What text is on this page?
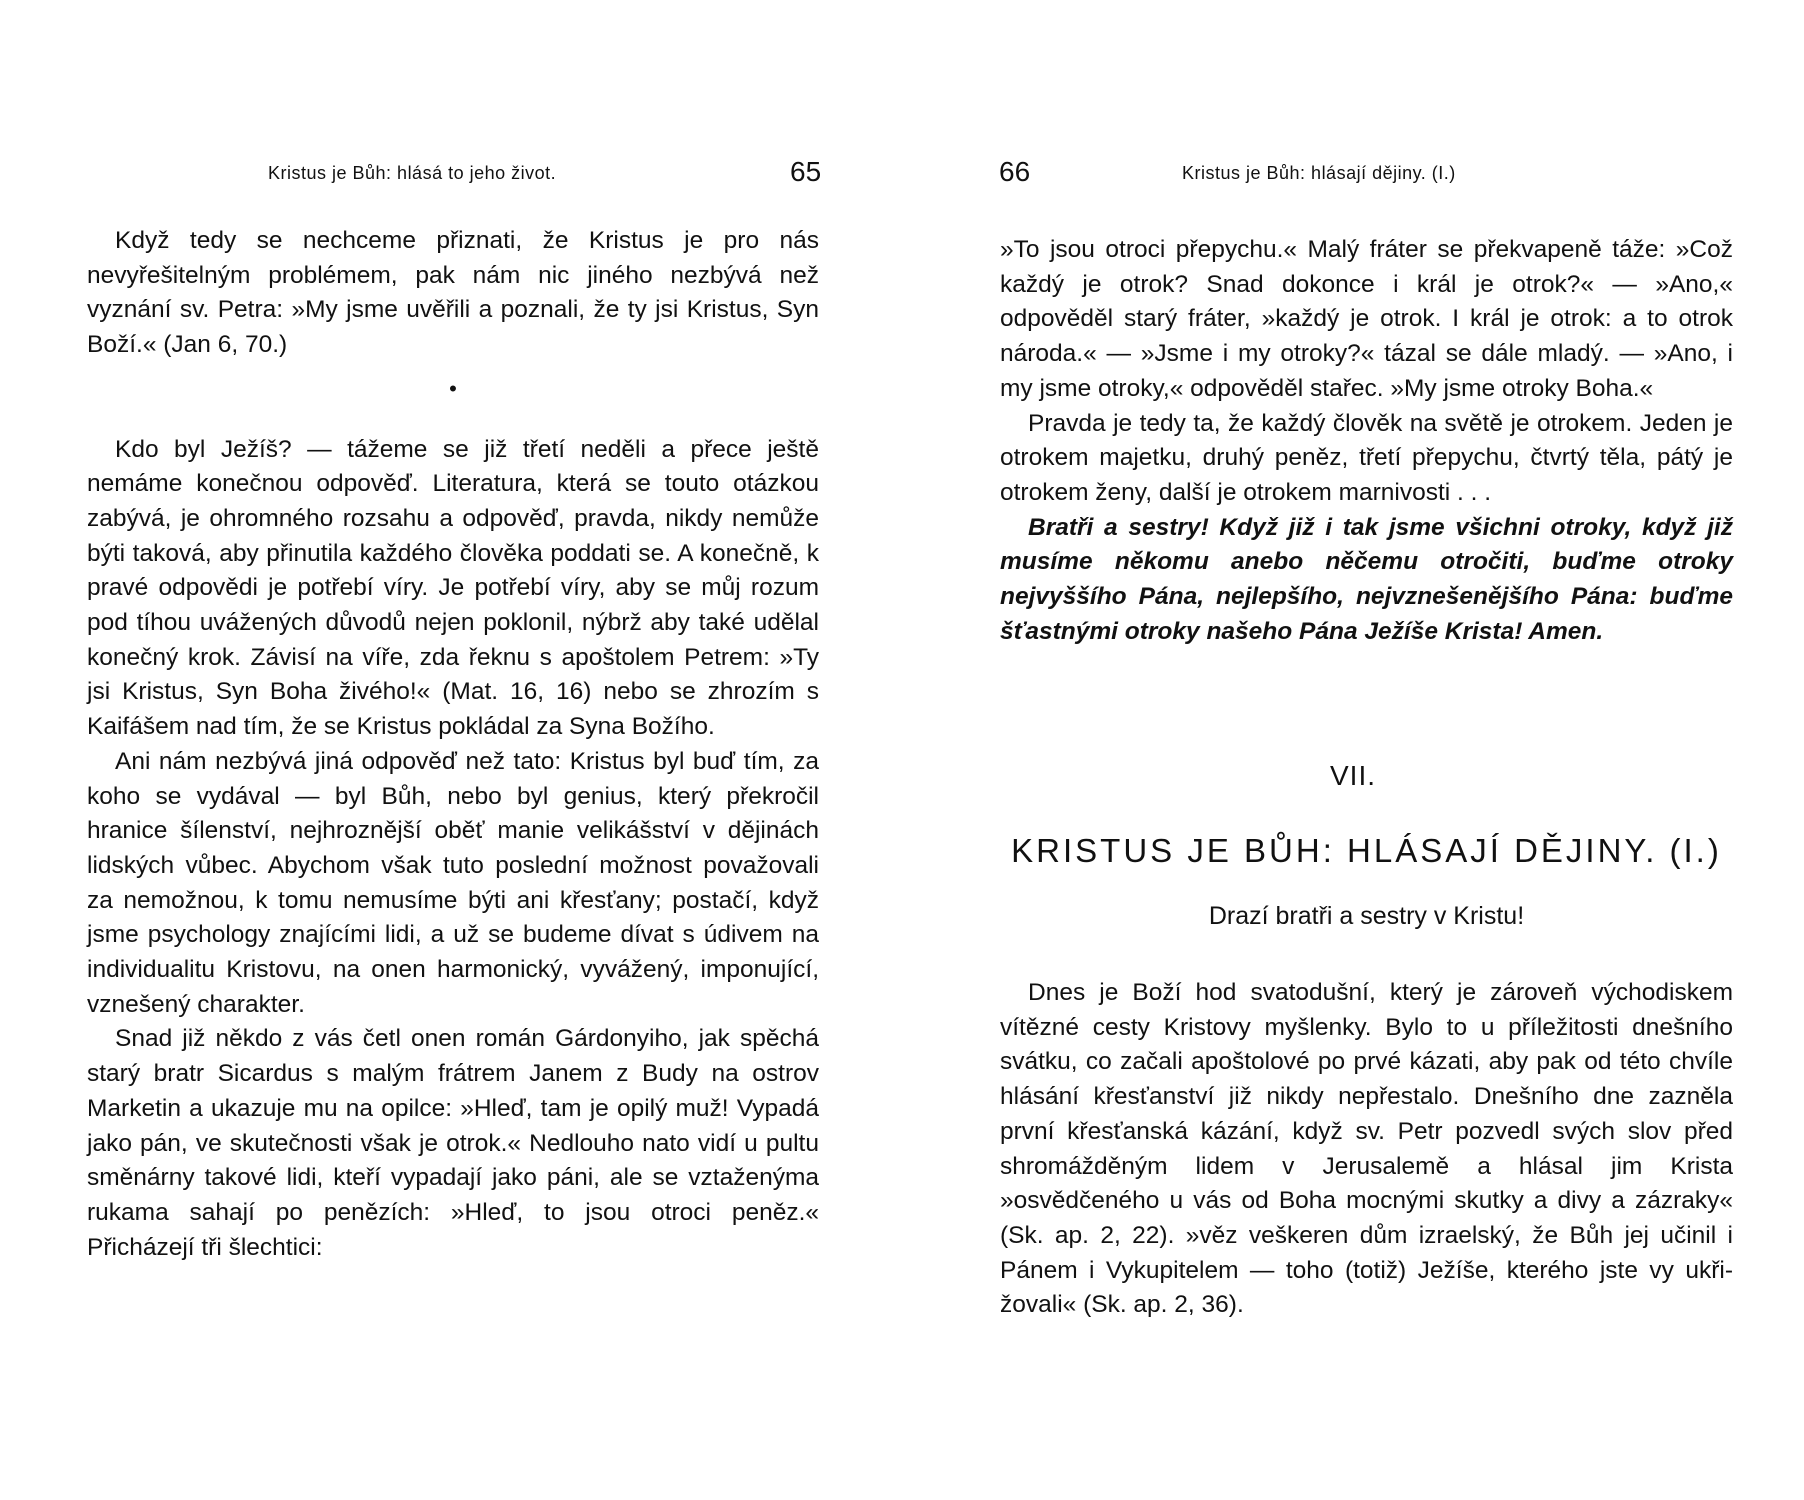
Kristus je Bůh: hlásá to jeho život.	65

Když tedy se nechceme přiznati, že Kristus je pro nás nevyřešitelným problémem, pak nám nic jiného nezbývá než vyznání sv. Petra: »My jsme uvěřili a poznali, že ty jsi Kristus, Syn Boží.« (Jan 6, 70.)

•

Kdo byl Ježíš? — tážeme se již třetí neděli a přece ještě nemáme konečnou odpověď. Literatura, která se touto otázkou zabývá, je ohromného rozsahu a odpověď, pravda, nikdy nemůže býti taková, aby přinutila každého člověka poddati se. A konečně, k pravé odpovědi je potřebí víry. Je potřebí víry, aby se můj rozum pod tíhou uvážených důvodů nejen poklonil, nýbrž aby také udělal konečný krok. Závisí na víře, zda řeknu s apoštolem Petrem: »Ty jsi Kristus, Syn Boha živého!« (Mat. 16, 16) nebo se zhrozím s Kaifášem nad tím, že se Kristus pokládal za Syna Božího.

Ani nám nezbývá jiná odpověď než tato: Kristus byl buď tím, za koho se vydával — byl Bůh, nebo byl genius, který překročil hranice šílenství, nejhroznější oběť manie velikášství v dějinách lidských vůbec. Abychom však tuto poslední možnost považovali za nemožnou, k tomu nemusíme býti ani křesťany; postačí, když jsme psychology znajícími lidi, a už se budeme dívat s údivem na individualitu Kristovu, na onen harmonický, vyvážený, imponující, vznešený charakter.

Snad již někdo z vás četl onen román Gárdonyiho, jak spěchá starý bratr Sicardus s malým frátrem Janem z Budy na ostrov Marketin a ukazuje mu na opilce: »Hleď, tam je opilý muž! Vypadá jako pán, ve skutečnosti však je otrok.« Nedlouho nato vidí u pultu směnárny takové lidi, kteří vypadají jako páni, ale se vztaženýma rukama sahají po penězích: »Hleď, to jsou otroci peněz.« Přicházejí tři šlechtici:

66	Kristus je Bůh: hlásají dějiny. (I.)

»To jsou otroci přepychu.« Malý fráter se překvapeně táže: »Což každý je otrok? Snad dokonce i král je otrok?« — »Ano,« odpověděl starý fráter, »každý je otrok. I král je otrok: a to otrok národa.« — »Jsme i my otroky?« tázal se dále mladý. — »Ano, i my jsme otroky,« odpověděl stařec. »My jsme otroky Boha.«

Pravda je tedy ta, že každý člověk na světě je otrokem. Jeden je otrokem majetku, druhý peněz, třetí přepychu, čtvrtý těla, pátý je otrokem ženy, další je otrokem marnivosti . . .

Bratři a sestry! Když již i tak jsme všichni otroky, když již musíme někomu anebo něčemu otročiti, buďme otroky nejvyššího Pána, nejlepšího, nejvznešenějšího Pána: buďme šťastnými otroky našeho Pána Ježíše Krista! Amen.

VII.
KRISTUS JE BŮH: HLÁSAJÍ DĚJINY. (I.)
Drazí bratři a sestry v Kristu!

Dnes je Boží hod svatodušní, který je zároveň východiskem vítězné cesty Kristovy myšlenky. Bylo to u příležitosti dnešního svátku, co začali apoštolové po prvé kázati, aby pak od této chvíle hlásání křesťanství již nikdy nepřestalo. Dnešního dne zazněla první křesťanská kázání, když sv. Petr pozvedl svých slov před shromážděným lidem v Jerusalemě a hlásal jim Krista »osvědčeného u vás od Boha mocnými skutky a divy a zázraky« (Sk. ap. 2, 22). »věz veškeren dům izraelský, že Bůh jej učinil i Pánem i Vykupitelem — toho (totiž) Ježíše, kterého jste vy ukřižovali« (Sk. ap. 2, 36).
